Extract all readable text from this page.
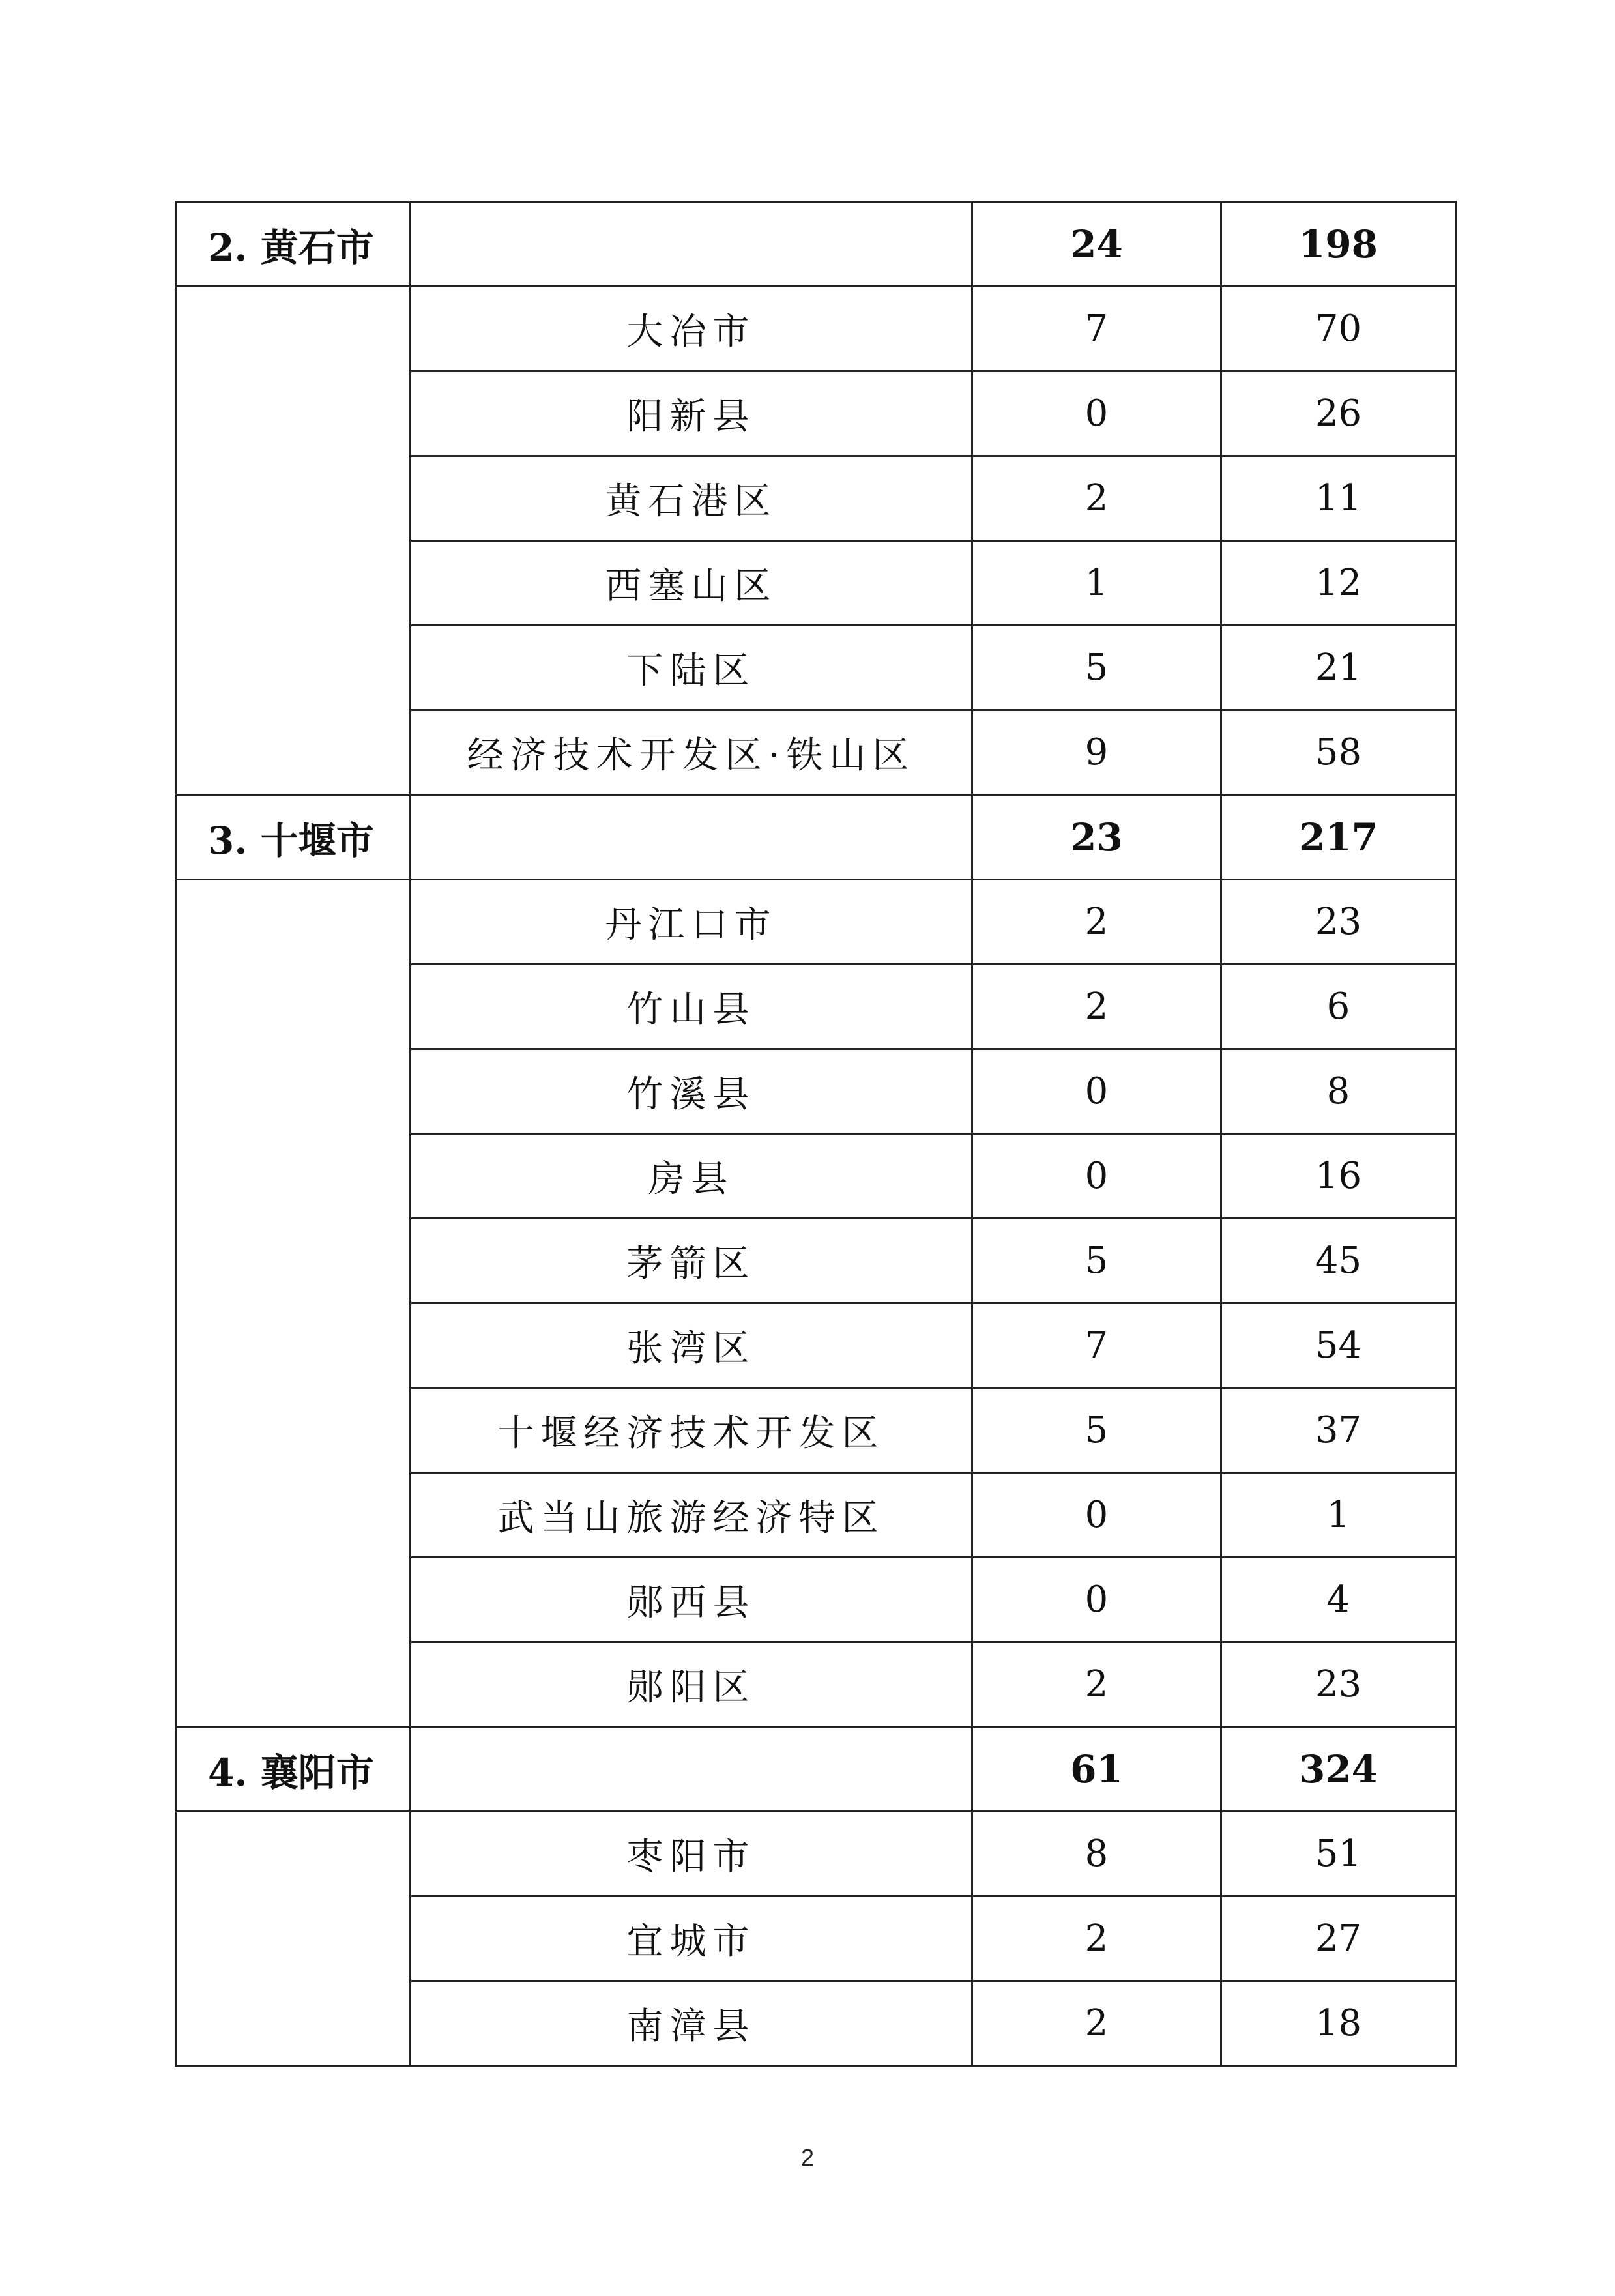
2. 黄石市		24	198
	大冶市	7	70
	阳新县	0	26
	黄石港区	2	11
	西塞山区	1	12
	下陆区	5	21
	经济技术开发区·铁山区	9	58
3. 十堰市		23	217
	丹江口市	2	23
	竹山县	2	6
	竹溪县	0	8
	房县	0	16
	茅箭区	5	45
	张湾区	7	54
	十堰经济技术开发区	5	37
	武当山旅游经济特区	0	1
	郧西县	0	4
	郧阳区	2	23
4. 襄阳市		61	324
	枣阳市	8	51
	宜城市	2	27
	南漳县	2	18
2
